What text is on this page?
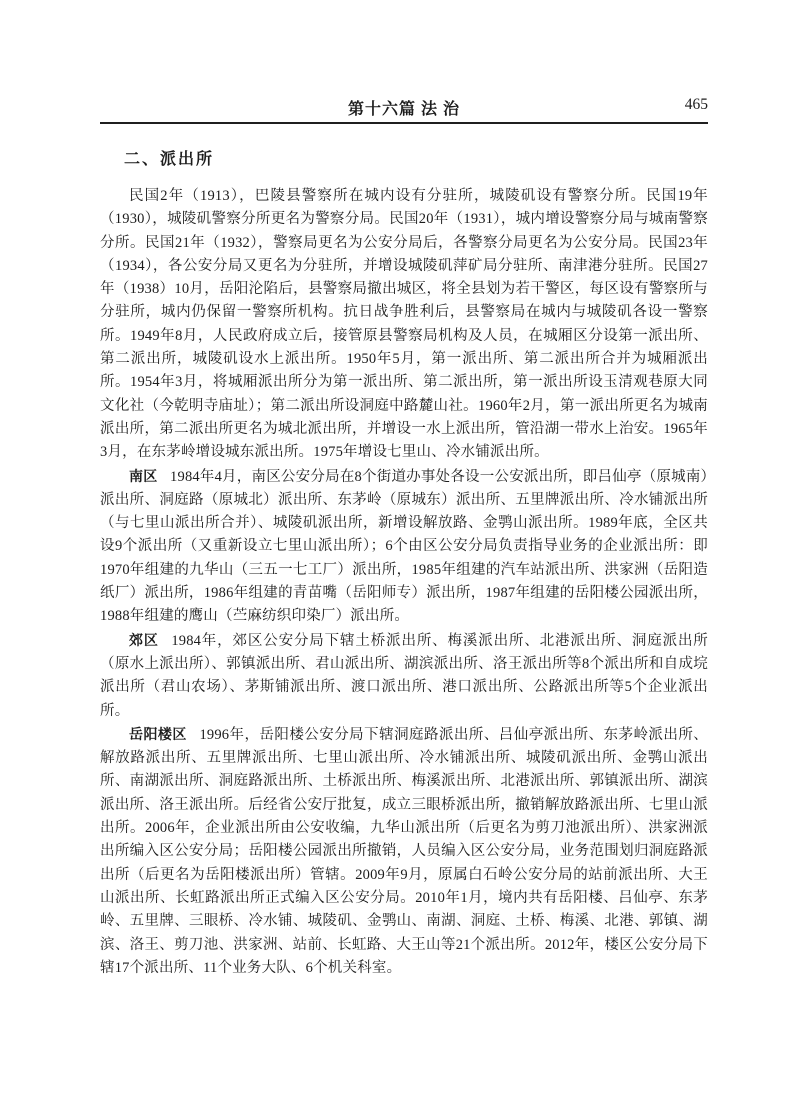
第十六篇 法 治	465
二、派出所

民国2年（1913），巴陵县警察所在城内设有分驻所，城陵矶设有警察分所。民国19年（1930），城陵矶警察分所更名为警察分局。民国20年（1931），城内增设警察分局与城南警察分所。民国21年（1932），警察局更名为公安分局后，各警察分局更名为公安分局。民国23年（1934），各公安分局又更名为分驻所，并增设城陵矶萍矿局分驻所、南津港分驻所。民国27年（1938）10月，岳阳沦陷后，县警察局撤出城区，将全县划为若干警区，每区设有警察所与分驻所，城内仍保留一警察所机构。抗日战争胜利后，县警察局在城内与城陵矶各设一警察所。1949年8月，人民政府成立后，接管原县警察局机构及人员，在城厢区分设第一派出所、第二派出所，城陵矶设水上派出所。1950年5月，第一派出所、第二派出所合并为城厢派出所。1954年3月，将城厢派出所分为第一派出所、第二派出所，第一派出所设玉清观巷原大同文化社（今乾明寺庙址）；第二派出所设洞庭中路麓山社。1960年2月，第一派出所更名为城南派出所，第二派出所更名为城北派出所，并增设一水上派出所，管沿湖一带水上治安。1965年3月，在东茅岭增设城东派出所。1975年增设七里山、冷水铺派出所。

南区 1984年4月，南区公安分局在8个街道办事处各设一公安派出所，即吕仙亭（原城南）派出所、洞庭路（原城北）派出所、东茅岭（原城东）派出所、五里牌派出所、冷水铺派出所（与七里山派出所合并）、城陵矶派出所，新增设解放路、金鹗山派出所。1989年底，全区共设9个派出所（又重新设立七里山派出所）；6个由区公安分局负责指导业务的企业派出所：即1970年组建的九华山（三五一七工厂）派出所，1985年组建的汽车站派出所、洪家洲（岳阳造纸厂）派出所，1986年组建的青苗嘴（岳阳师专）派出所，1987年组建的岳阳楼公园派出所，1988年组建的鹰山（苎麻纺织印染厂）派出所。

郊区 1984年，郊区公安分局下辖土桥派出所、梅溪派出所、北港派出所、洞庭派出所（原水上派出所）、郭镇派出所、君山派出所、湖滨派出所、洛王派出所等8个派出所和自成垸派出所（君山农场）、茅斯铺派出所、渡口派出所、港口派出所、公路派出所等5个企业派出所。

岳阳楼区 1996年，岳阳楼公安分局下辖洞庭路派出所、吕仙亭派出所、东茅岭派出所、解放路派出所、五里牌派出所、七里山派出所、冷水铺派出所、城陵矶派出所、金鹗山派出所、南湖派出所、洞庭路派出所、土桥派出所、梅溪派出所、北港派出所、郭镇派出所、湖滨派出所、洛王派出所。后经省公安厅批复，成立三眼桥派出所，撤销解放路派出所、七里山派出所。2006年，企业派出所由公安收编，九华山派出所（后更名为剪刀池派出所）、洪家洲派出所编入区公安分局；岳阳楼公园派出所撤销，人员编入区公安分局，业务范围划归洞庭路派出所（后更名为岳阳楼派出所）管辖。2009年9月，原属白石岭公安分局的站前派出所、大王山派出所、长虹路派出所正式编入区公安分局。2010年1月，境内共有岳阳楼、吕仙亭、东茅岭、五里牌、三眼桥、冷水铺、城陵矶、金鹗山、南湖、洞庭、土桥、梅溪、北港、郭镇、湖滨、洛王、剪刀池、洪家洲、站前、长虹路、大王山等21个派出所。2012年，楼区公安分局下辖17个派出所、11个业务大队、6个机关科室。
